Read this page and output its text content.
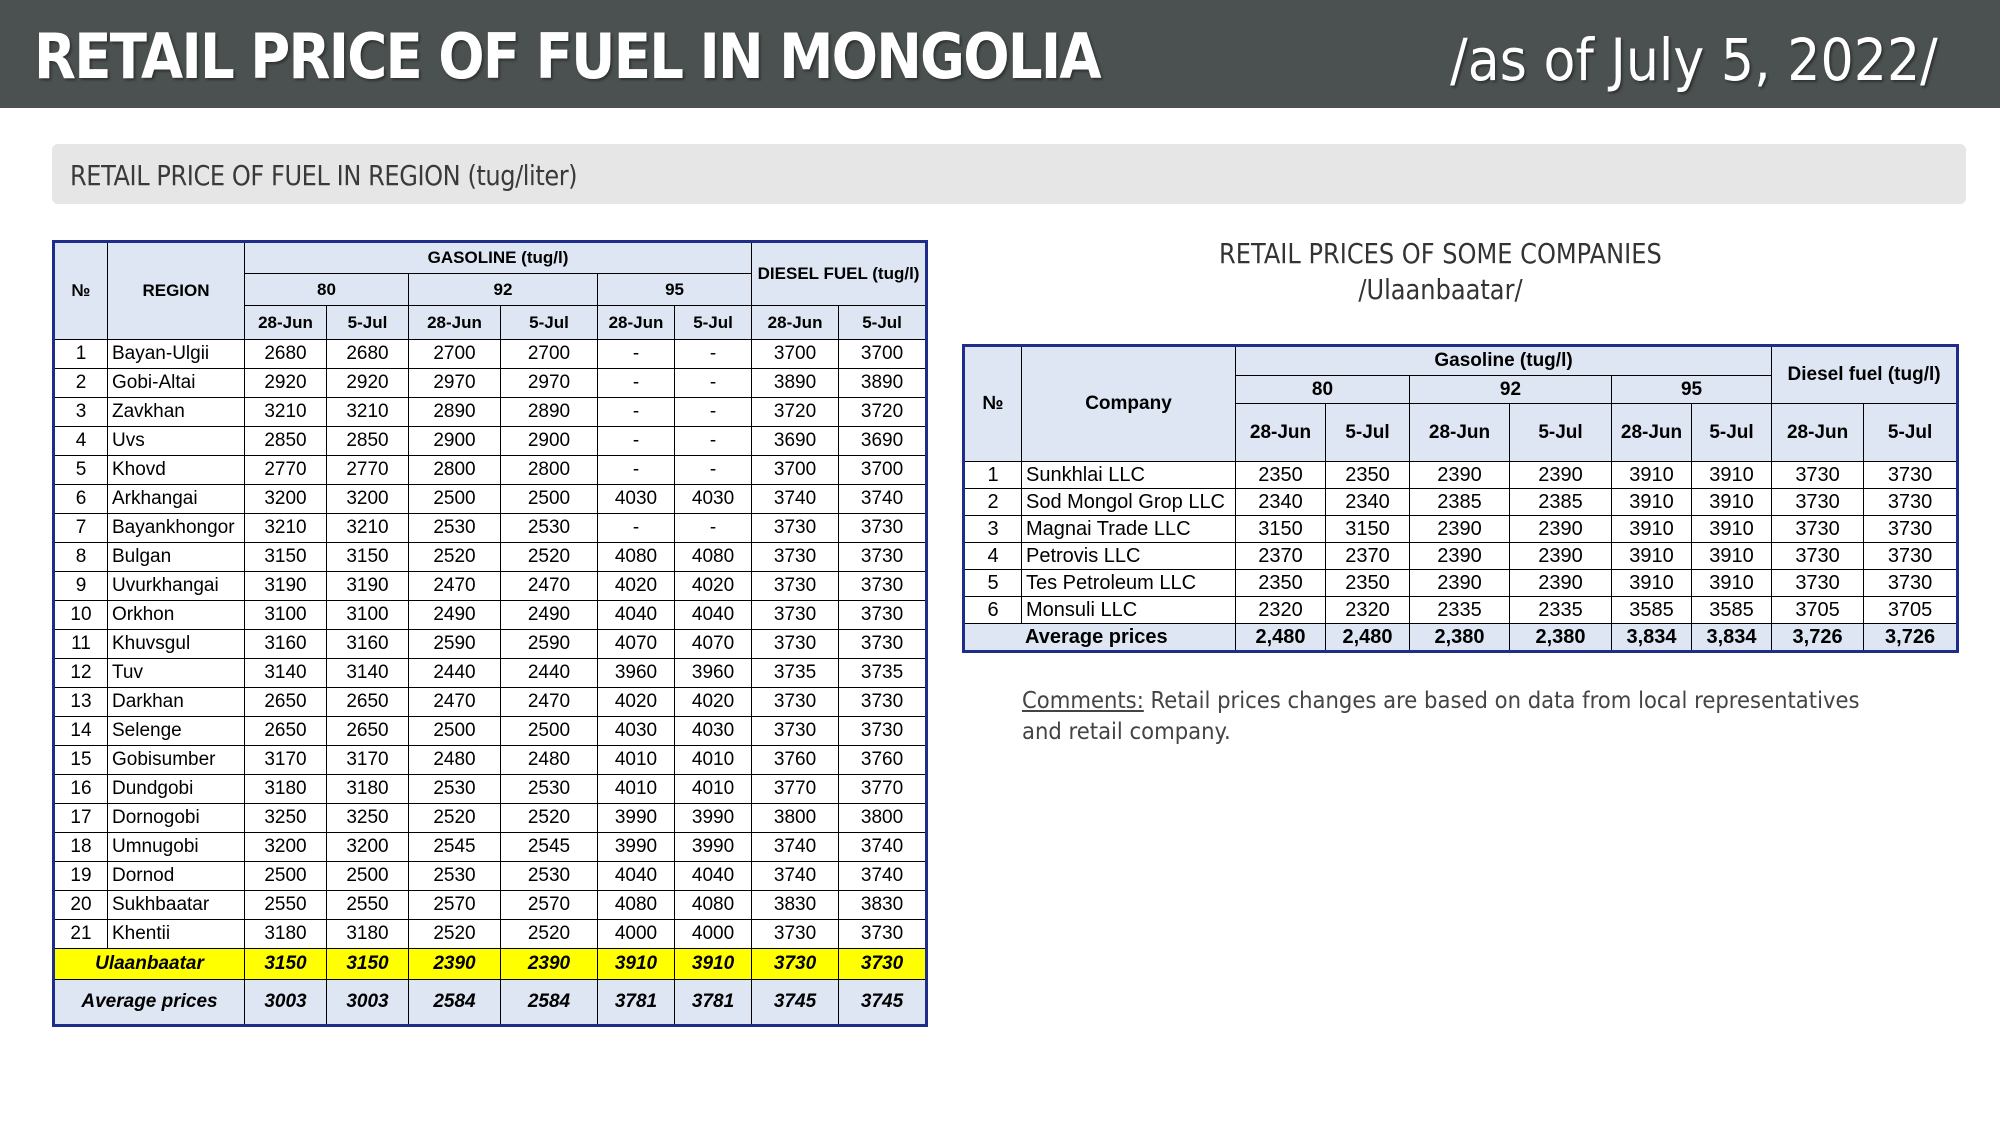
RETAIL PRICE OF FUEL IN MONGOLIA	/as of July 5, 2022/
RETAIL PRICE OF FUEL IN REGION (tug/liter)
№	REGION	GASOLINE (tug/l)						DIESEL FUEL (tug/l)	
		80		92		95			
		28-Jun	5-Jul	28-Jun	5-Jul	28-Jun	5-Jul	28-Jun	5-Jul
1	Bayan-Ulgii	2680	2680	2700	2700	-	-	3700	3700
2	Gobi-Altai	2920	2920	2970	2970	-	-	3890	3890
3	Zavkhan	3210	3210	2890	2890	-	-	3720	3720
4	Uvs	2850	2850	2900	2900	-	-	3690	3690
5	Khovd	2770	2770	2800	2800	-	-	3700	3700
6	Arkhangai	3200	3200	2500	2500	4030	4030	3740	3740
7	Bayankhongor	3210	3210	2530	2530	-	-	3730	3730
8	Bulgan	3150	3150	2520	2520	4080	4080	3730	3730
9	Uvurkhangai	3190	3190	2470	2470	4020	4020	3730	3730
10	Orkhon	3100	3100	2490	2490	4040	4040	3730	3730
11	Khuvsgul	3160	3160	2590	2590	4070	4070	3730	3730
12	Tuv	3140	3140	2440	2440	3960	3960	3735	3735
13	Darkhan	2650	2650	2470	2470	4020	4020	3730	3730
14	Selenge	2650	2650	2500	2500	4030	4030	3730	3730
15	Gobisumber	3170	3170	2480	2480	4010	4010	3760	3760
16	Dundgobi	3180	3180	2530	2530	4010	4010	3770	3770
17	Dornogobi	3250	3250	2520	2520	3990	3990	3800	3800
18	Umnugobi	3200	3200	2545	2545	3990	3990	3740	3740
19	Dornod	2500	2500	2530	2530	4040	4040	3740	3740
20	Sukhbaatar	2550	2550	2570	2570	4080	4080	3830	3830
21	Khentii	3180	3180	2520	2520	4000	4000	3730	3730
Ulaanbaatar		3150	3150	2390	2390	3910	3910	3730	3730
Average prices		3003	3003	2584	2584	3781	3781	3745	3745
RETAIL PRICES OF SOME COMPANIES
/Ulaanbaatar/
№	Company	Gasoline (tug/l)						Diesel fuel (tug/l)	
		80		92		95			
		28-Jun	5-Jul	28-Jun	5-Jul	28-Jun	5-Jul	28-Jun	5-Jul
1	Sunkhlai LLC	2350	2350	2390	2390	3910	3910	3730	3730
2	Sod Mongol Grop LLC	2340	2340	2385	2385	3910	3910	3730	3730
3	Magnai Trade LLC	3150	3150	2390	2390	3910	3910	3730	3730
4	Petrovis LLC	2370	2370	2390	2390	3910	3910	3730	3730
5	Tes Petroleum LLC	2350	2350	2390	2390	3910	3910	3730	3730
6	Monsuli LLC	2320	2320	2335	2335	3585	3585	3705	3705
Average prices		2,480	2,480	2,380	2,380	3,834	3,834	3,726	3,726
Comments: Retail prices changes are based on data from local representatives and retail company.
